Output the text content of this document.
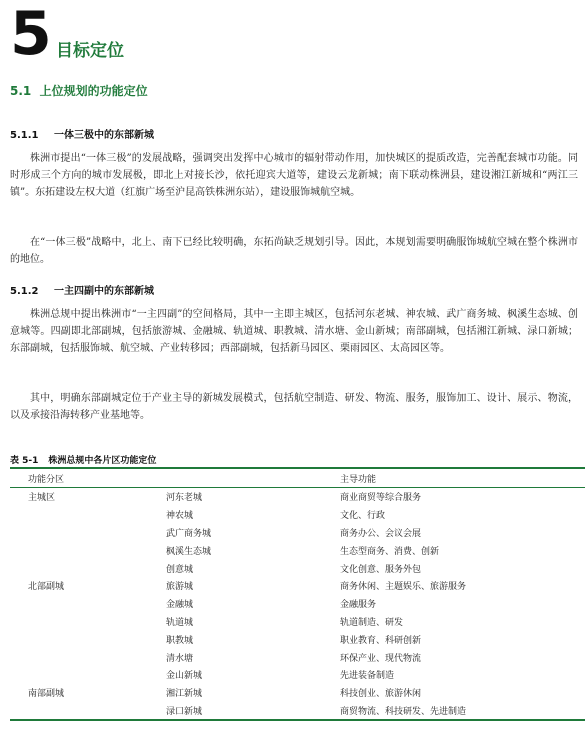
5 目标定位
5.1 上位规划的功能定位
5.1.1 一体三极中的东部新城

株洲市提出“一体三极”的发展战略，强调突出发挥中心城市的辐射带动作用，加快城区的提质改造，完善配套城市功能。同时形成三个方向的城市发展极，即北上对接长沙，依托迎宾大道等，建设云龙新城；南下联动株洲县，建设湘江新城和“两江三镇”。东拓建设左权大道（红旗广场至沪昆高铁株洲东站），建设服饰城航空城。

在“一体三极”战略中，北上、南下已经比较明确，东拓尚缺乏规划引导。因此，本规划需要明确服饰城航空城在整个株洲市的地位。

5.1.2 一主四副中的东部新城

株洲总规中提出株洲市“一主四副”的空间格局，其中一主即主城区，包括河东老城、神农城、武广商务城、枫溪生态城、创意城等。四副即北部副城，包括旅游城、金融城、轨道城、职教城、清水塘、金山新城；南部副城，包括湘江新城、渌口新城；东部副城，包括服饰城、航空城、产业转移园；西部副城，包括新马园区、栗雨园区、太高园区等。

其中，明确东部副城定位于产业主导的新城发展模式，包括航空制造、研发、物流、服务，服饰加工、设计、展示、物流，以及承接沿海转移产业基地等。

表 5-1 株洲总规中各片区功能定位
功能分区		主导功能
主城区	河东老城	商业商贸等综合服务
	神农城	文化、行政
	武广商务城	商务办公、会议会展
	枫溪生态城	生态型商务、消费、创新
	创意城	文化创意、服务外包
北部副城	旅游城	商务休闲、主题娱乐、旅游服务
	金融城	金融服务
	轨道城	轨道制造、研发
	职教城	职业教育、科研创新
	清水塘	环保产业、现代物流
	金山新城	先进装备制造
南部副城	湘江新城	科技创业、旅游休闲
	渌口新城	商贸物流、科技研发、先进制造
